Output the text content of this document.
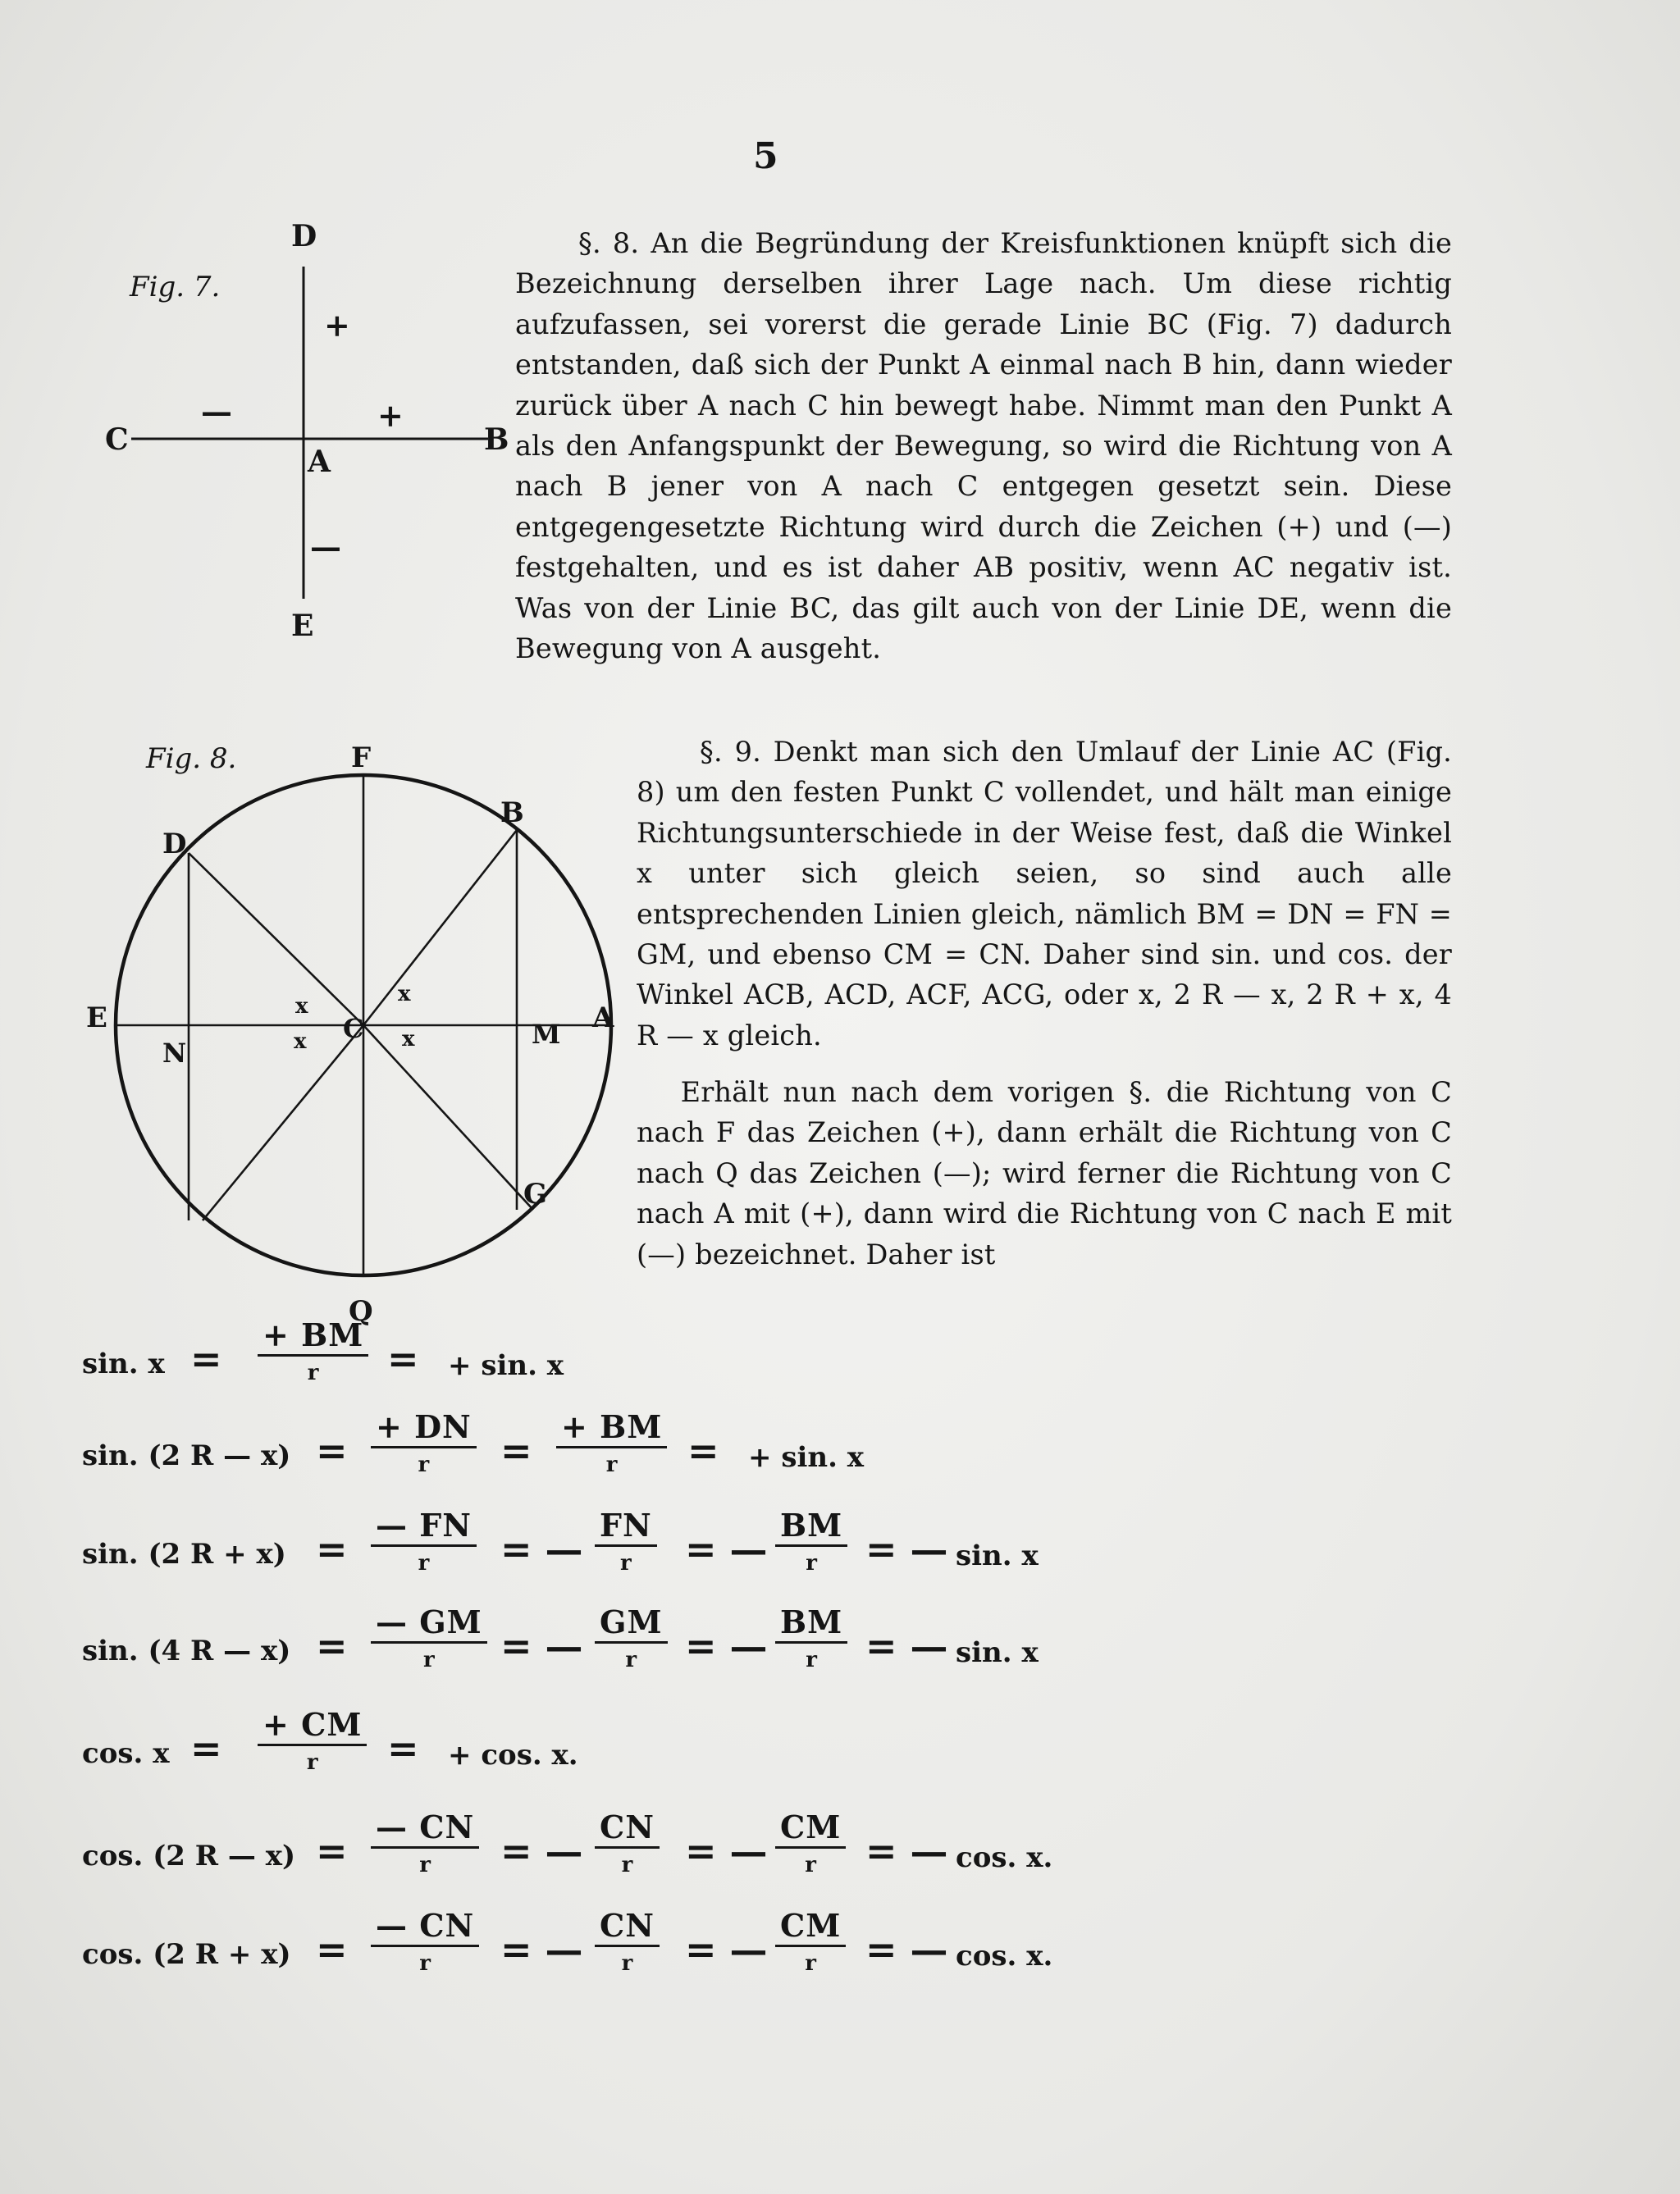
5
Fig. 7.
D
C
A
B
E
+
—	+
—
Fig. 8.	F
B
D
E
N
C	M A
G
Q
x
x
x
x

§. 8. An die Begründung der Kreisfunktionen knüpft sich die Bezeichnung derselben ihrer Lage nach. Um diese richtig aufzufassen, sei vorerst die gerade Linie BC (Fig. 7) dadurch entstanden, daß sich der Punkt A einmal nach B hin, dann wieder zurück über A nach C hin bewegt habe. Nimmt man den Punkt A als den Anfangspunkt der Bewegung, so wird die Richtung von A nach B jener von A nach C entgegen gesetzt sein. Diese entgegengesetzte Richtung wird durch die Zeichen (+) und (—) festgehalten, und es ist daher AB positiv, wenn AC negativ ist. Was von der Linie BC, das gilt auch von der Linie DE, wenn die Bewegung von A ausgeht.

§. 9. Denkt man sich den Umlauf der Linie AC (Fig. 8) um den festen Punkt C vollendet, und hält man einige Richtungsunterschiede in der Weise fest, daß die Winkel x unter sich gleich seien, so sind auch alle entsprechenden Linien gleich, nämlich BM = DN = FN = GM, und ebenso CM = CN. Daher sind sin. und cos. der Winkel ACB, ACD, ACF, ACG, oder x, 2 R — x, 2 R + x, 4 R — x gleich.

Erhält nun nach dem vorigen §. die Richtung von C nach F das Zeichen (+), dann erhält die Richtung von C nach Q das Zeichen (—); wird ferner die Richtung von C nach A mit (+), dann wird die Richtung von C nach E mit (—) bezeichnet. Daher ist

sin. x =
+ BM
r	= + sin. x
sin. (2 R — x) =
+ DN
r	=
+ BM
r	= + sin. x
sin. (2 R + x) =
— FN
r	= —
FN
r	= —
BM
r	= — sin. x
sin. (4 R — x) =
— GM
r	= —
GM
r	= —
BM
r	= — sin. x
cos. x =
+ CM
r	= + cos. x.
cos. (2 R — x) =
— CN
r	= —
CN
r	= —
CM
r	= — cos. x.
cos. (2 R + x) =
— CN
r	= —
CN
r	= —
CM
r	= — cos. x.
